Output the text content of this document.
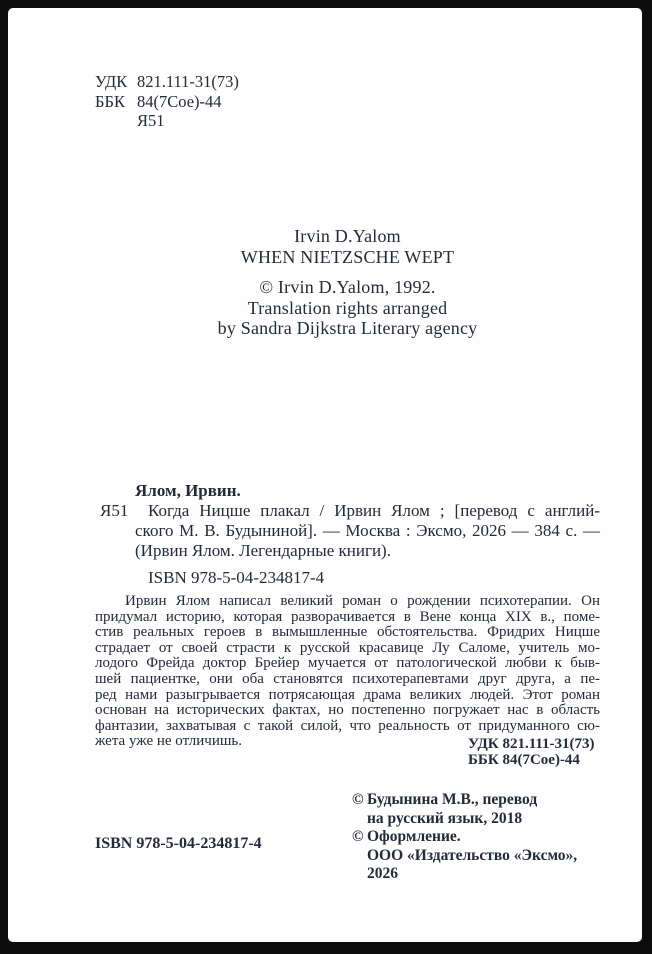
УДК 821.111-31(73)
ББК 84(7Сое)-44
Я51
Irvin D.Yalom
WHEN NIETZSCHE WEPT
© Irvin D.Yalom, 1992.
Translation rights arranged
by Sandra Dijkstra Literary agency
Ялом, Ирвин.
Я51	Когда Ницше плакал / Ирвин Ялом ; [перевод с англий-
ского М. В. Будыниной]. — Москва : Эксмо, 2026 — 384 с. —
(Ирвин Ялом. Легендарные книги).
ISBN 978-5-04-234817-4
Ирвин Ялом написал великий роман о рождении психотерапии. Он
придумал историю, которая разворачивается в Вене конца XIX в., поме-
стив реальных героев в вымышленные обстоятельства. Фридрих Ницше
страдает от своей страсти к русской красавице Лу Саломе, учитель мо-
лодого Фрейда доктор Брейер мучается от патологической любви к быв-
шей пациентке, они оба становятся психотерапевтами друг друга, а пе-
ред нами разыгрывается потрясающая драма великих людей. Этот роман
основан на исторических фактах, но постепенно погружает нас в область
фантазии, захватывая с такой силой, что реальность от придуманного сю-
жета уже не отличишь.	УДК 821.111-31(73)
ББК 84(7Сое)-44
ISBN 978-5-04-234817-4
© Будынина М.В., перевод
на русский язык, 2018
© Оформление.
ООО «Издательство «Эксмо», 2026
